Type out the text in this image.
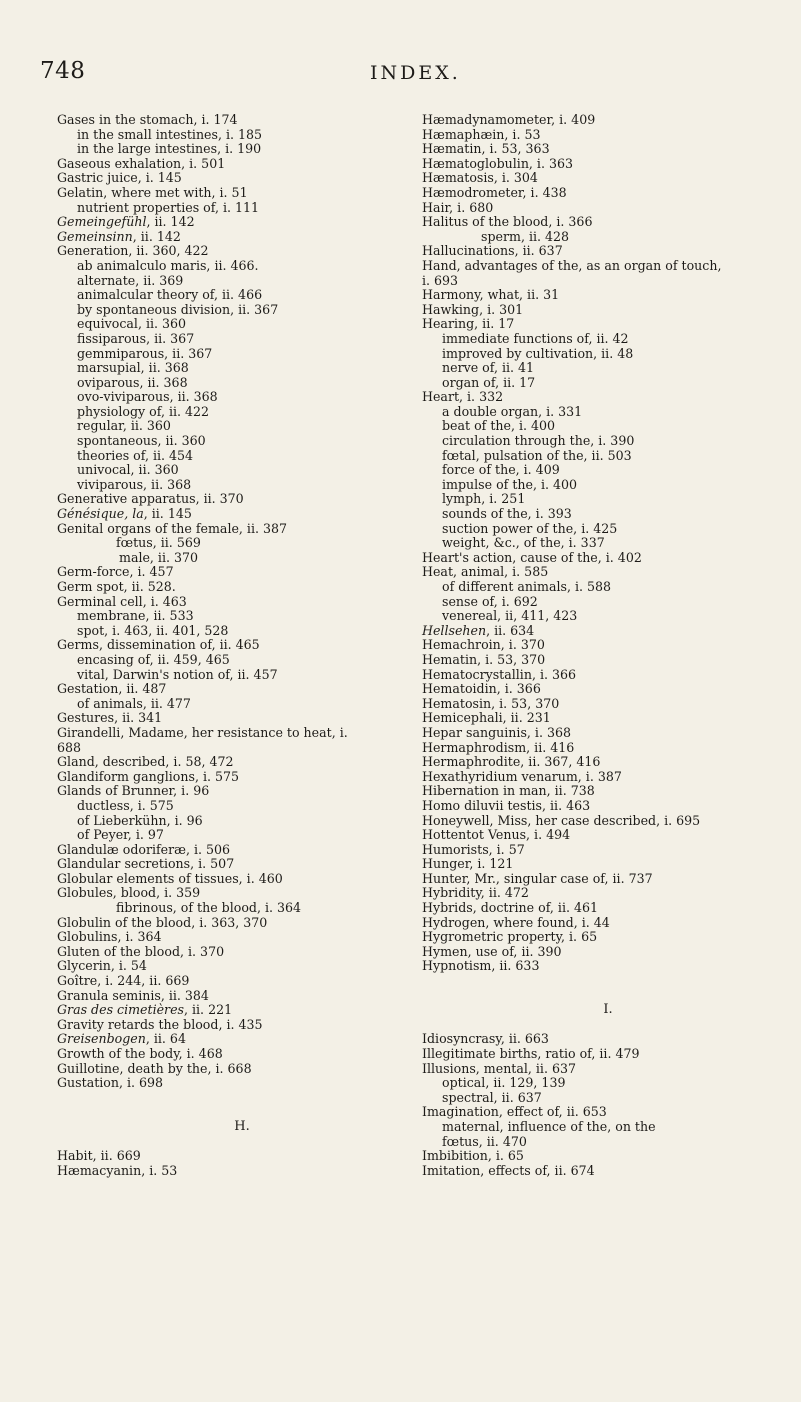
748	INDEX.
Gases in the stomach, i. 174
in the small intestines, i. 185
in the large intestines, i. 190
Gaseous exhalation, i. 501
Gastric juice, i. 145
Gelatin, where met with, i. 51
nutrient properties of, i. 111
Gemeingefühl, ii. 142
Gemeinsinn, ii. 142
Generation, ii. 360, 422
ab animalculo maris, ii. 466.
alternate, ii. 369
animalcular theory of, ii. 466
by spontaneous division, ii. 367
equivocal, ii. 360
fissiparous, ii. 367
gemmiparous, ii. 367
marsupial, ii. 368
oviparous, ii. 368
ovo-viviparous, ii. 368
physiology of, ii. 422
regular, ii. 360
spontaneous, ii. 360
theories of, ii. 454
univocal, ii. 360
viviparous, ii. 368
Generative apparatus, ii. 370
Génésique, la, ii. 145
Genital organs of the female, ii. 387
fœtus, ii. 569
male, ii. 370
Germ-force, i. 457
Germ spot, ii. 528.
Germinal cell, i. 463
membrane, ii. 533
spot, i. 463, ii. 401, 528
Germs, dissemination of, ii. 465
encasing of, ii. 459, 465
vital, Darwin's notion of, ii. 457
Gestation, ii. 487
of animals, ii. 477
Gestures, ii. 341
Girandelli, Madame, her resistance to heat, i.
688
Gland, described, i. 58, 472
Glandiform ganglions, i. 575
Glands of Brunner, i. 96
ductless, i. 575
of Lieberkühn, i. 96
of Peyer, i. 97
Glandulæ odoriferæ, i. 506
Glandular secretions, i. 507
Globular elements of tissues, i. 460
Globules, blood, i. 359
fibrinous, of the blood, i. 364
Globulin of the blood, i. 363, 370
Globulins, i. 364
Gluten of the blood, i. 370
Glycerin, i. 54
Goître, i. 244, ii. 669
Granula seminis, ii. 384
Gras des cimetières, ii. 221
Gravity retards the blood, i. 435
Greisenbogen, ii. 64
Growth of the body, i. 468
Guillotine, death by the, i. 668
Gustation, i. 698
H.
Habit, ii. 669
Hæmacyanin, i. 53
Hæmadynamometer, i. 409
Hæmaphæin, i. 53
Hæmatin, i. 53, 363
Hæmatoglobulin, i. 363
Hæmatosis, i. 304
Hæmodrometer, i. 438
Hair, i. 680
Halitus of the blood, i. 366
sperm, ii. 428
Hallucinations, ii. 637
Hand, advantages of the, as an organ of touch,
i. 693
Harmony, what, ii. 31
Hawking, i. 301
Hearing, ii. 17
immediate functions of, ii. 42
improved by cultivation, ii. 48
nerve of, ii. 41
organ of, ii. 17
Heart, i. 332
a double organ, i. 331
beat of the, i. 400
circulation through the, i. 390
fœtal, pulsation of the, ii. 503
force of the, i. 409
impulse of the, i. 400
lymph, i. 251
sounds of the, i. 393
suction power of the, i. 425
weight, &c., of the, i. 337
Heart's action, cause of the, i. 402
Heat, animal, i. 585
of different animals, i. 588
sense of, i. 692
venereal, ii, 411, 423
Hellsehen, ii. 634
Hemachroin, i. 370
Hematin, i. 53, 370
Hematocrystallin, i. 366
Hematoidin, i. 366
Hematosin, i. 53, 370
Hemicephali, ii. 231
Hepar sanguinis, i. 368
Hermaphrodism, ii. 416
Hermaphrodite, ii. 367, 416
Hexathyridium venarum, i. 387
Hibernation in man, ii. 738
Homo diluvii testis, ii. 463
Honeywell, Miss, her case described, i. 695
Hottentot Venus, i. 494
Humorists, i. 57
Hunger, i. 121
Hunter, Mr., singular case of, ii. 737
Hybridity, ii. 472
Hybrids, doctrine of, ii. 461
Hydrogen, where found, i. 44
Hygrometric property, i. 65
Hymen, use of, ii. 390
Hypnotism, ii. 633
I.
Idiosyncrasy, ii. 663
Illegitimate births, ratio of, ii. 479
Illusions, mental, ii. 637
optical, ii. 129, 139
spectral, ii. 637
Imagination, effect of, ii. 653
maternal, influence of the, on the
fœtus, ii. 470
Imbibition, i. 65
Imitation, effects of, ii. 674
